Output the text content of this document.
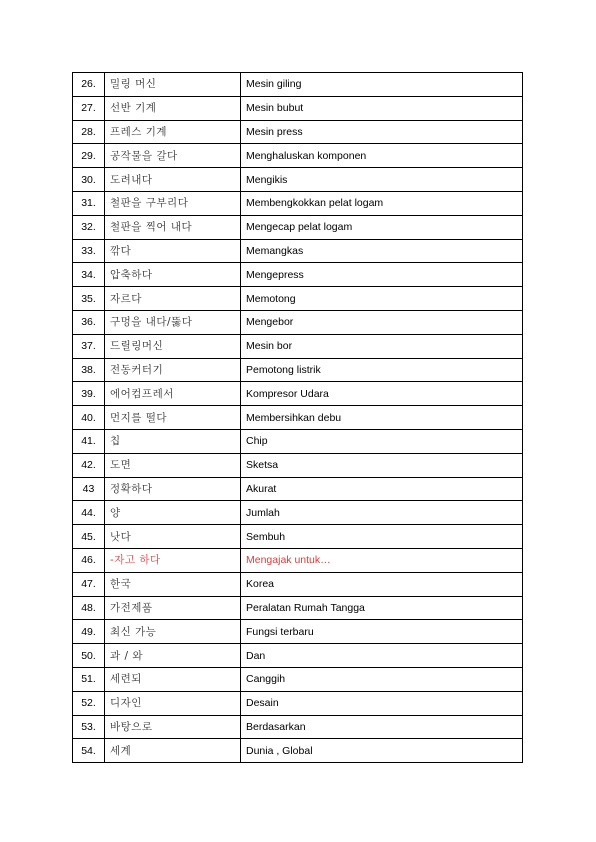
26.	밀링 머신	Mesin giling
27.	선반 기계	Mesin bubut
28.	프레스 기계	Mesin press
29.	공작물을 갈다	Menghaluskan komponen
30.	도려내다	Mengikis
31.	철판을 구부리다	Membengkokkan pelat logam
32.	철판을 찍어 내다	Mengecap pelat logam
33.	깎다	Memangkas
34.	압축하다	Mengepress
35.	자르다	Memotong
36.	구멍을 내다/뚫다	Mengebor
37.	드릴링머신	Mesin bor
38.	전동커터기	Pemotong listrik
39.	에어컴프레서	Kompresor Udara
40.	먼지를 떨다	Membersihkan debu
41.	칩	Chip
42.	도면	Sketsa
43	정확하다	Akurat
44.	양	Jumlah
45.	낫다	Sembuh
46.	-자고 하다	Mengajak untuk…
47.	한국	Korea
48.	가전제품	Peralatan Rumah Tangga
49.	최신 가능	Fungsi terbaru
50.	과 / 와	Dan
51.	세련되	Canggih
52.	디자인	Desain
53.	바탕으로	Berdasarkan
54.	세계	Dunia , Global
